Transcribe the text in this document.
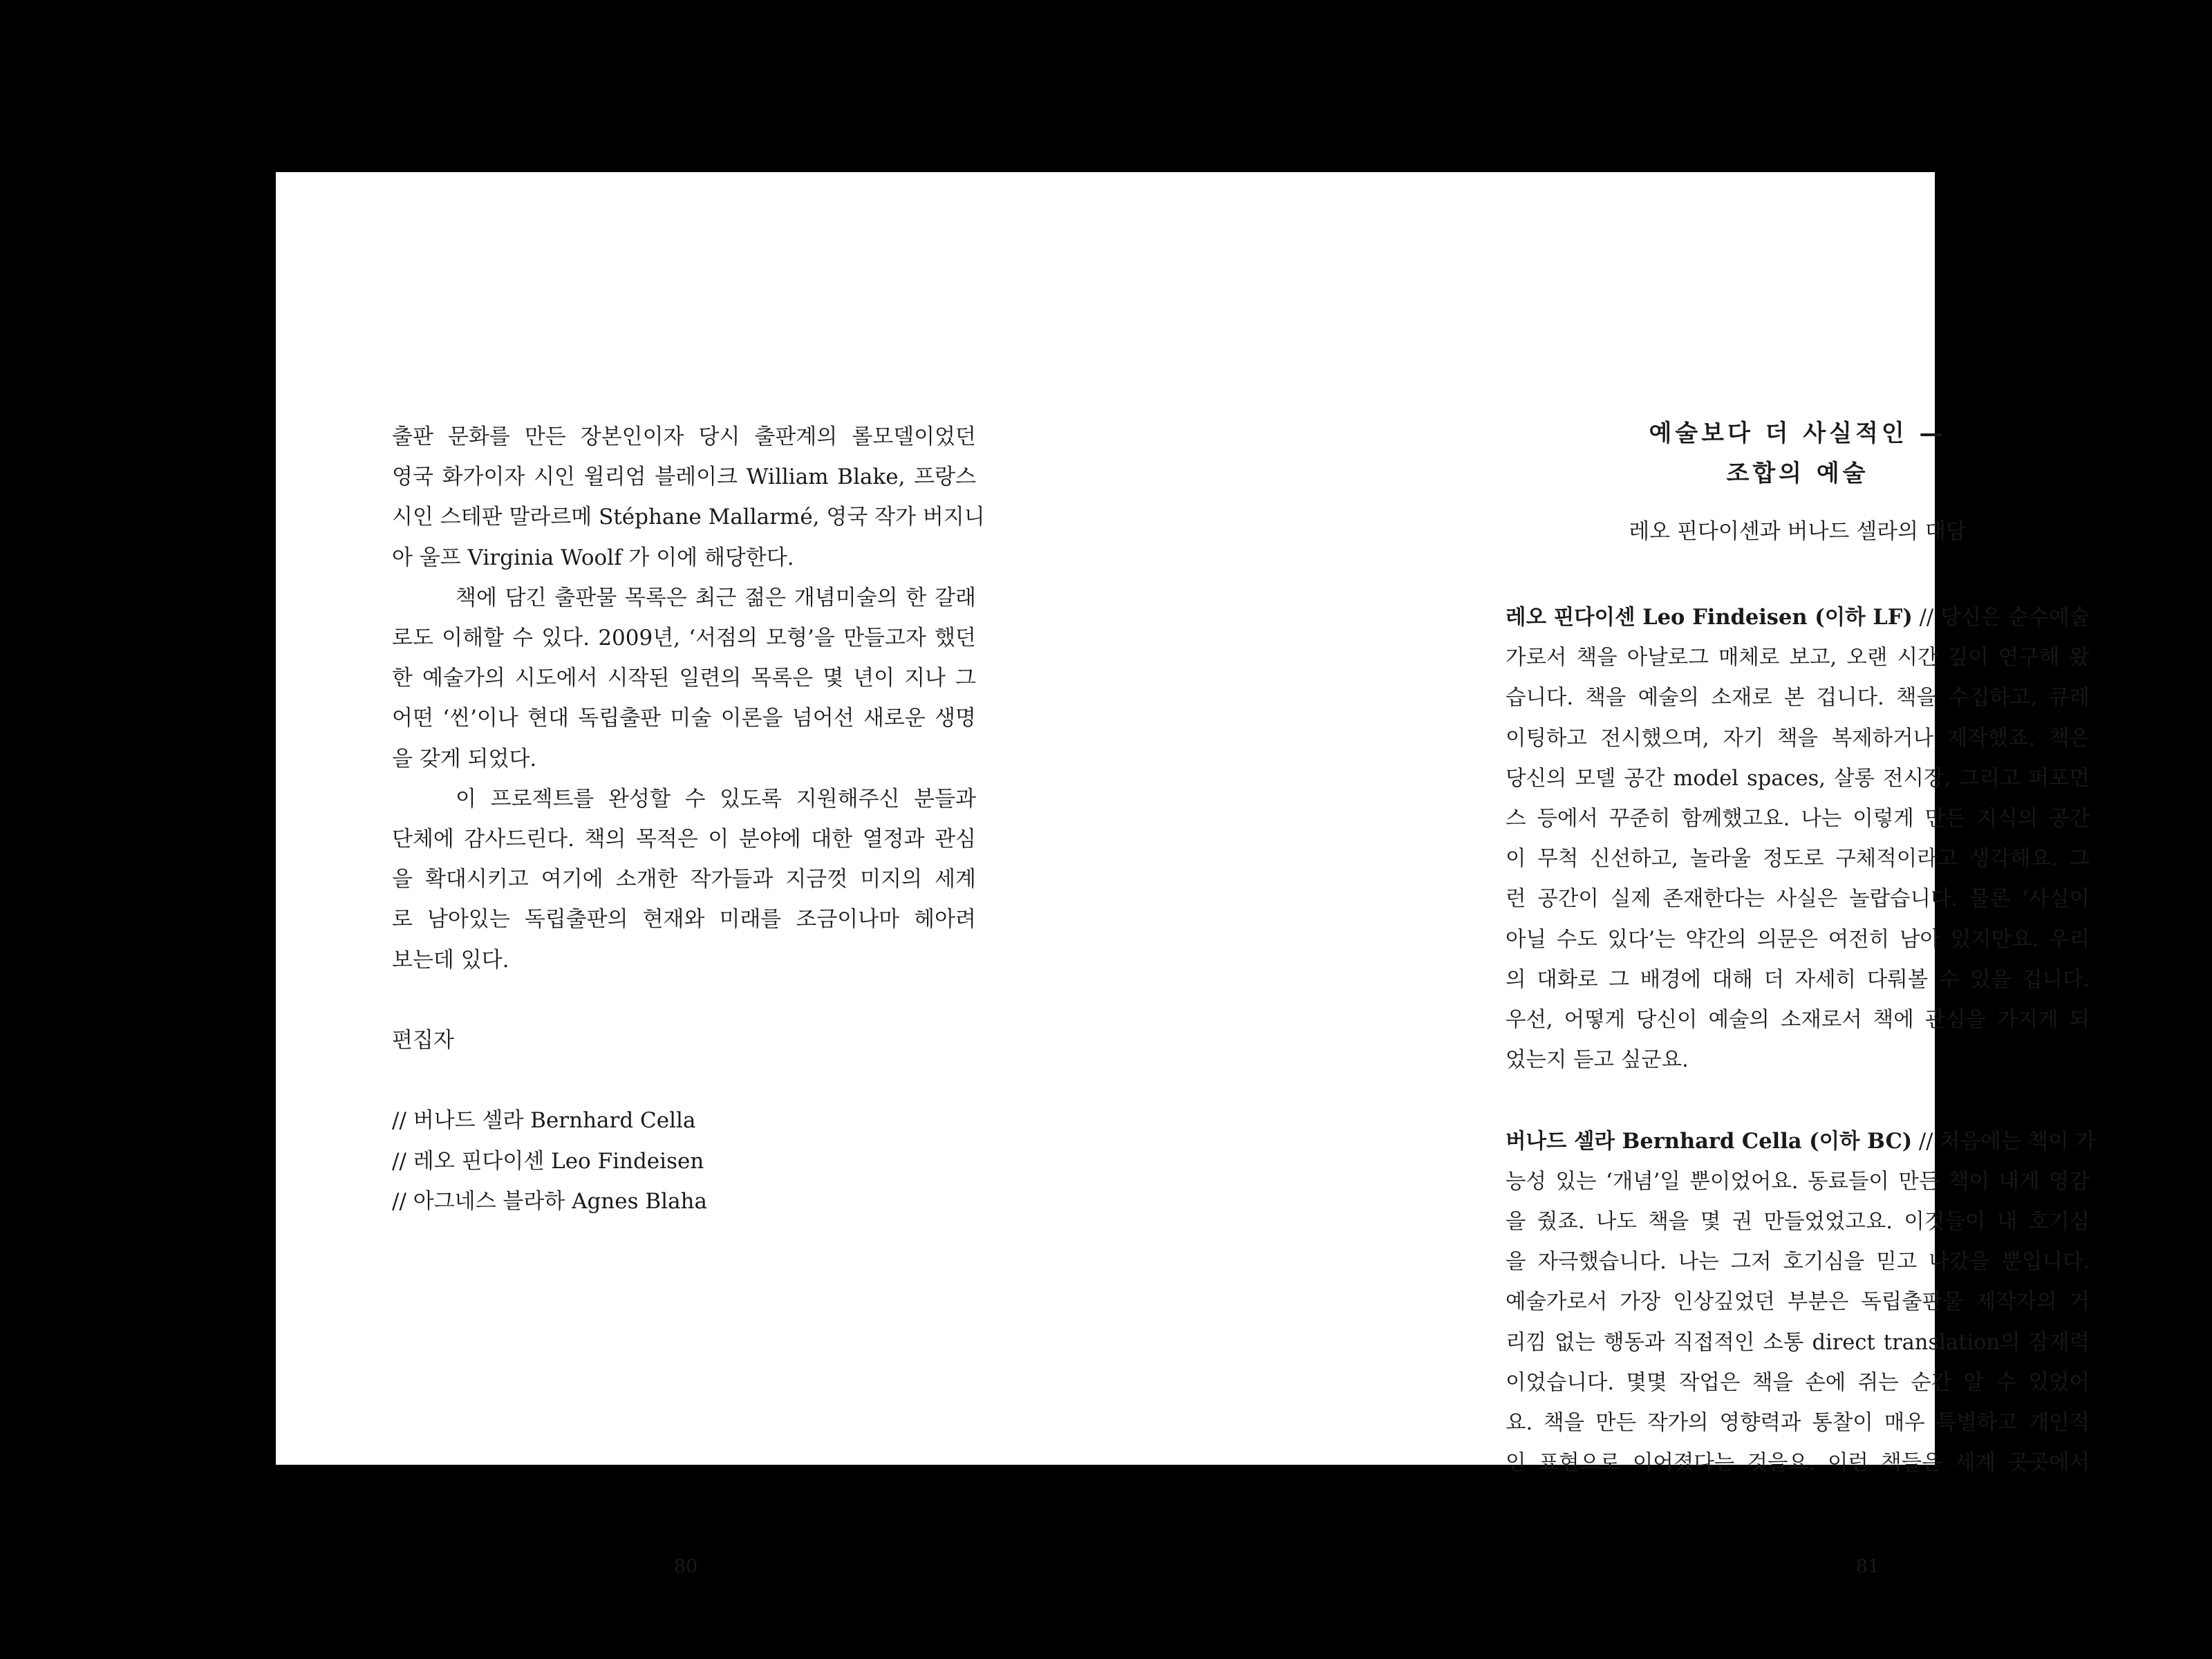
출판 문화를 만든 장본인이자 당시 출판계의 롤모델이었던
영국 화가이자 시인 윌리엄 블레이크 William Blake, 프랑스
시인 스테판 말라르메 Stéphane Mallarmé, 영국 작가 버지니
아 울프 Virginia Woolf 가 이에 해당한다.
책에 담긴 출판물 목록은 최근 젊은 개념미술의 한 갈래
로도 이해할 수 있다. 2009년, ‘서점의 모형’을 만들고자 했던
한 예술가의 시도에서 시작된 일련의 목록은 몇 년이 지나 그
어떤 ‘씬’이나 현대 독립출판 미술 이론을 넘어선 새로운 생명
을 갖게 되었다.
이 프로젝트를 완성할 수 있도록 지원해주신 분들과
단체에 감사드린다. 책의 목적은 이 분야에 대한 열정과 관심
을 확대시키고 여기에 소개한 작가들과 지금껏 미지의 세계
로 남아있는 독립출판의 현재와 미래를 조금이나마 헤아려
보는데 있다.
편집자
// 버나드 셀라 Bernhard Cella
// 레오 핀다이센 Leo Findeisen
// 아그네스 블라하 Agnes Blaha
80
예술보다 더 사실적인 —
조합의 예술
레오 핀다이센과 버나드 셀라의 대담
레오 핀다이센 Leo Findeisen (이하 LF) // 당신은 순수예술
가로서 책을 아날로그 매체로 보고, 오랜 시간 깊이 연구해 왔
습니다. 책을 예술의 소재로 본 겁니다. 책을 수집하고, 큐레
이팅하고 전시했으며, 자기 책을 복제하거나 제작했죠. 책은
당신의 모델 공간 model spaces, 살롱 전시장, 그리고 퍼포먼
스 등에서 꾸준히 함께했고요. 나는 이렇게 만든 지식의 공간
이 무척 신선하고, 놀라울 정도로 구체적이라고 생각해요. 그
런 공간이 실제 존재한다는 사실은 놀랍습니다. 물론 ‘사실이
아닐 수도 있다’는 약간의 의문은 여전히 남아 있지만요. 우리
의 대화로 그 배경에 대해 더 자세히 다뤄볼 수 있을 겁니다.
우선, 어떻게 당신이 예술의 소재로서 책에 관심을 가지게 되
었는지 듣고 싶군요.
버나드 셀라 Bernhard Cella (이하 BC) // 처음에는 책이 가
능성 있는 ‘개념’일 뿐이었어요. 동료들이 만든 책이 내게 영감
을 줬죠. 나도 책을 몇 권 만들었었고요. 이것들이 내 호기심
을 자극했습니다. 나는 그저 호기심을 믿고 나갔을 뿐입니다.
예술가로서 가장 인상깊었던 부분은 독립출판물 제작자의 거
리낌 없는 행동과 직접적인 소통 direct translation의 잠재력
이었습니다. 몇몇 작업은 책을 손에 쥐는 순간 알 수 있었어
요. 책을 만든 작가의 영향력과 통찰이 매우 특별하고 개인적
인 표현으로 이어졌다는 것을요. 이런 책들은 세계 곳곳에서
81
